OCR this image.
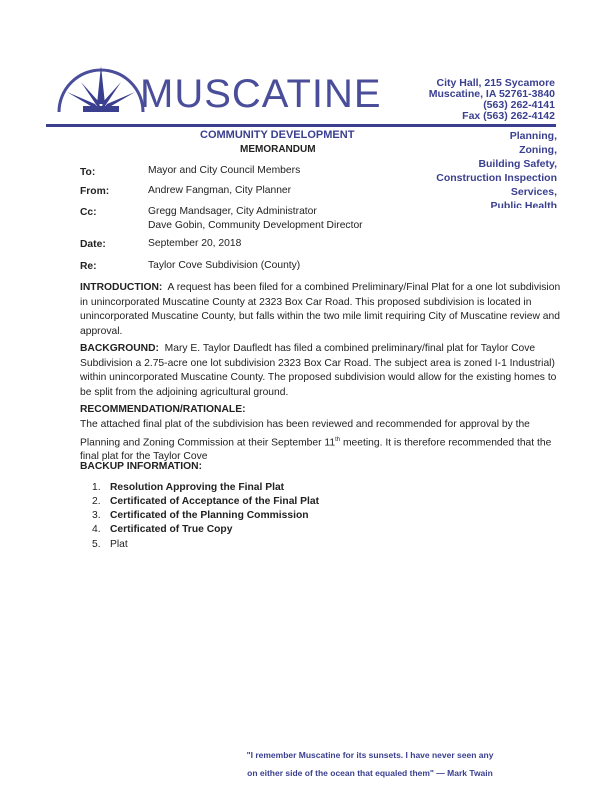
MUSCATINE	City Hall, 215 Sycamore
Muscatine, IA 52761-3840
(563) 262-4141
Fax (563) 262-4142
COMMUNITY DEVELOPMENT
MEMORANDUM
Planning,
Zoning,
Building Safety,
Construction Inspection
Services,
Public Health
To:	Mayor and City Council Members
From:	Andrew Fangman, City Planner
Cc:	Gregg Mandsager, City Administrator
Dave Gobin, Community Development Director
Date:	September 20, 2018
Re:	Taylor Cove Subdivision (County)
INTRODUCTION: A request has been filed for a combined Preliminary/Final Plat for a one lot subdivision in unincorporated Muscatine County at 2323 Box Car Road. This proposed subdivision is located in unincorporated Muscatine County, but falls within the two mile limit requiring City of Muscatine review and approval.
BACKGROUND: Mary E. Taylor Daufledt has filed a combined preliminary/final plat for Taylor Cove Subdivision a 2.75-acre one lot subdivision 2323 Box Car Road. The subject area is zoned I-1 Industrial) within unincorporated Muscatine County. The proposed subdivision would allow for the existing homes to be split from the adjoining agricultural ground.
RECOMMENDATION/RATIONALE:
The attached final plat of the subdivision has been reviewed and recommended for approval by the Planning and Zoning Commission at their September 11th meeting. It is therefore recommended that the final plat for the Taylor Cove
BACKUP INFORMATION:
1. Resolution Approving the Final Plat
2. Certificated of Acceptance of the Final Plat
3. Certificated of the Planning Commission
4. Certificated of True Copy
5. Plat
"I remember Muscatine for its sunsets. I have never seen any
on either side of the ocean that equaled them" — Mark Twain
